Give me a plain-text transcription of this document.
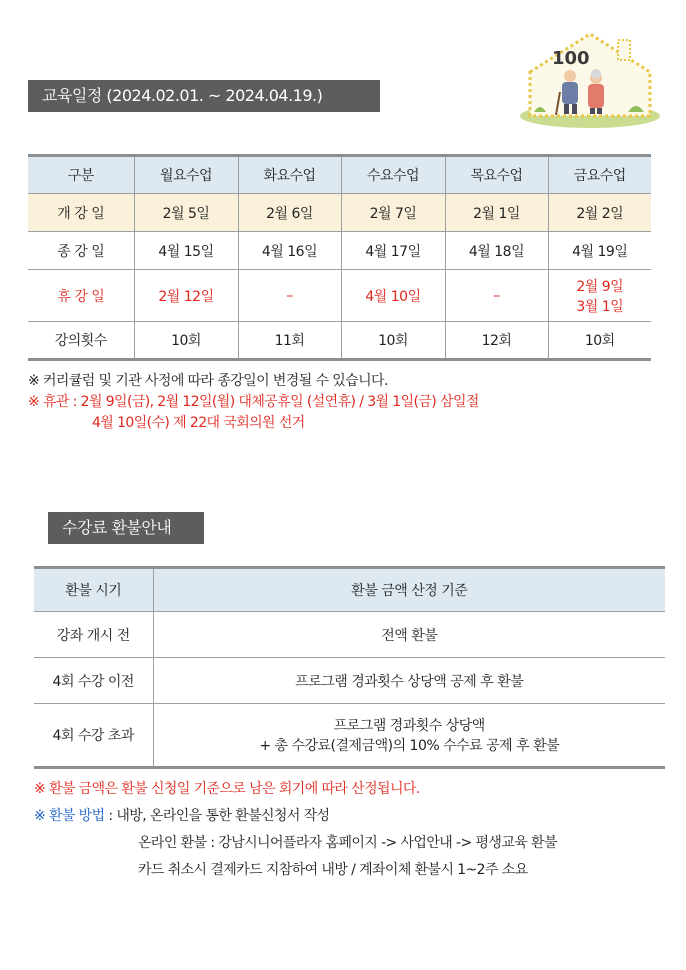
100
교육일정 (2024.02.01. ~ 2024.04.19.)
구분	월요수업	화요수업	수요수업	목요수업	금요수업
개 강 일	2월 5일	2월 6일	2월 7일	2월 1일	2월 2일
종 강 일	4월 15일	4월 16일	4월 17일	4월 18일	4월 19일
휴 강 일	2월 12일	–	4월 10일	–	2월 9일
3월 1일

강의횟수	10회	11회	10회	12회	10회
※ 커리큘럼 및 기관 사정에 따라 종강일이 변경될 수 있습니다.
※ 휴관 : 2월 9일(금), 2월 12일(월) 대체공휴일 (설연휴) / 3월 1일(금) 삼일절
4월 10일(수) 제 22대 국회의원 선거
수강료 환불안내
환불 시기	환불 금액 산정 기준
강좌 개시 전	전액 환불
4회 수강 이전	프로그램 경과횟수 상당액 공제 후 환불
4회 수강 초과	프로그램 경과횟수 상당액
+ 총 수강료(결제금액)의 10% 수수료 공제 후 환불
※ 환불 금액은 환불 신청일 기준으로 남은 회기에 따라 산정됩니다.
※ 환불 방법 : 내방, 온라인을 통한 환불신청서 작성
온라인 환불 : 강남시니어플라자 홈페이지 -> 사업안내 -> 평생교육 환불
카드 취소시 결제카드 지참하여 내방 / 계좌이체 환불시 1~2주 소요
